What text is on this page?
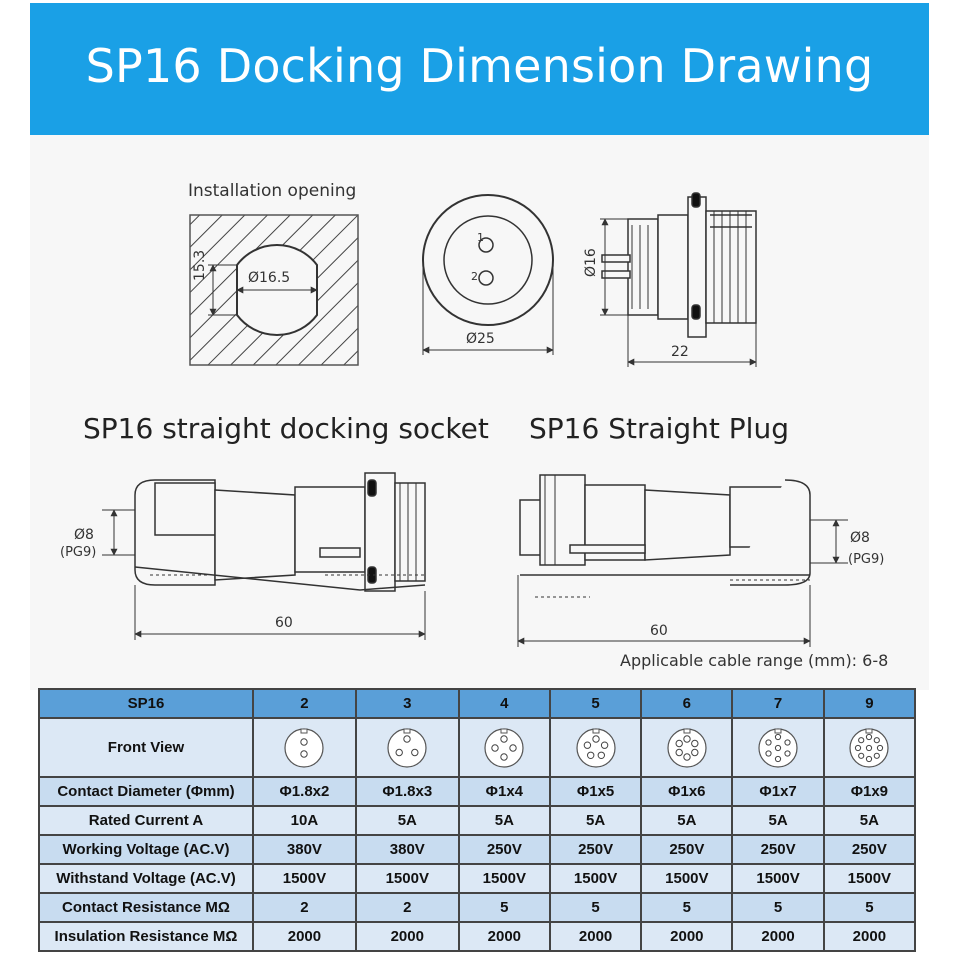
SP16 Docking Dimension Drawing
Installation opening
Ø16.5
15.3
1
2
Ø25
Ø16
22
SP16 straight docking socket SP16 Straight Plug
Ø8
(PG9)
60
Ø8
(PG9)
60
Applicable cable range (mm): 6-8
SP16	2	3	4	5	6	7	9
Front View							
Contact Diameter (Φmm)	Φ1.8x2	Φ1.8x3	Φ1x4	Φ1x5	Φ1x6	Φ1x7	Φ1x9
Rated Current A	10A	5A	5A	5A	5A	5A	5A
Working Voltage (AC.V)	380V	380V	250V	250V	250V	250V	250V
Withstand Voltage (AC.V)	1500V	1500V	1500V	1500V	1500V	1500V	1500V
Contact Resistance MΩ	2	2	5	5	5	5	5
Insulation Resistance MΩ	2000	2000	2000	2000	2000	2000	2000
